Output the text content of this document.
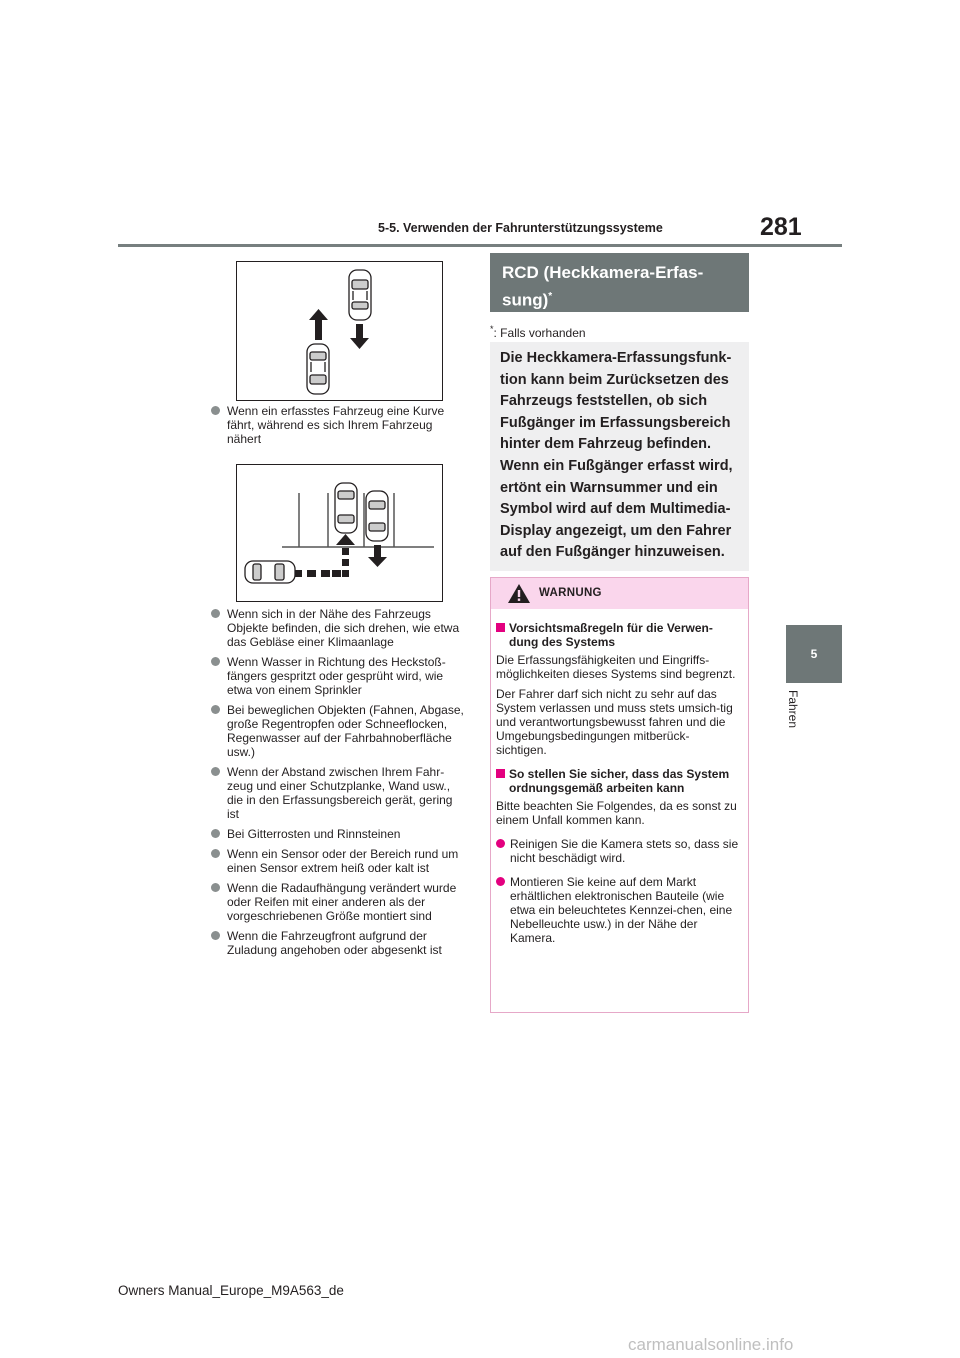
5-5. Verwenden der Fahrunterstützungssysteme	281
5
Fahren

Wenn ein erfasstes Fahrzeug eine Kurve fährt, während es sich Ihrem Fahrzeug nähert

Wenn sich in der Nähe des Fahrzeugs Objekte befinden, die sich drehen, wie etwa das Gebläse einer Klimaanlage

Wenn Wasser in Richtung des Heckstoß-fängers gespritzt oder gesprüht wird, wie etwa von einem Sprinkler

Bei beweglichen Objekten (Fahnen, Abgase, große Regentropfen oder Schneeflocken, Regenwasser auf der Fahrbahnoberfläche usw.)

Wenn der Abstand zwischen Ihrem Fahr-zeug und einer Schutzplanke, Wand usw., die in den Erfassungsbereich gerät, gering ist

Bei Gitterrosten und Rinnsteinen

Wenn ein Sensor oder der Bereich rund um einen Sensor extrem heiß oder kalt ist

Wenn die Radaufhängung verändert wurde oder Reifen mit einer anderen als der vorgeschriebenen Größe montiert sind

Wenn die Fahrzeugfront aufgrund der Zuladung angehoben oder abgesenkt ist

RCD (Heckkamera-Erfas-
sung)*
*: Falls vorhanden
Die Heckkamera-Erfassungsfunk-tion kann beim Zurücksetzen des Fahrzeugs feststellen, ob sich Fußgänger im Erfassungsbereich hinter dem Fahrzeug befinden. Wenn ein Fußgänger erfasst wird, ertönt ein Warnsummer und ein Symbol wird auf dem Multimedia-Display angezeigt, um den Fahrer auf den Fußgänger hinzuweisen.
WARNUNG

Vorsichtsmaßregeln für die Verwen-dung des Systems

Die Erfassungsfähigkeiten und Eingriffs-möglichkeiten dieses Systems sind begrenzt.

Der Fahrer darf sich nicht zu sehr auf das System verlassen und muss stets umsich-tig und verantwortungsbewusst fahren und die Umgebungsbedingungen mitberück-sichtigen.

So stellen Sie sicher, dass das System ordnungsgemäß arbeiten kann

Bitte beachten Sie Folgendes, da es sonst zu einem Unfall kommen kann.

Reinigen Sie die Kamera stets so, dass sie nicht beschädigt wird.

Montieren Sie keine auf dem Markt erhältlichen elektronischen Bauteile (wie etwa ein beleuchtetes Kennzei-chen, eine Nebelleuchte usw.) in der Nähe der Kamera.

Owners Manual_Europe_M9A563_de
carmanualsonline.info
